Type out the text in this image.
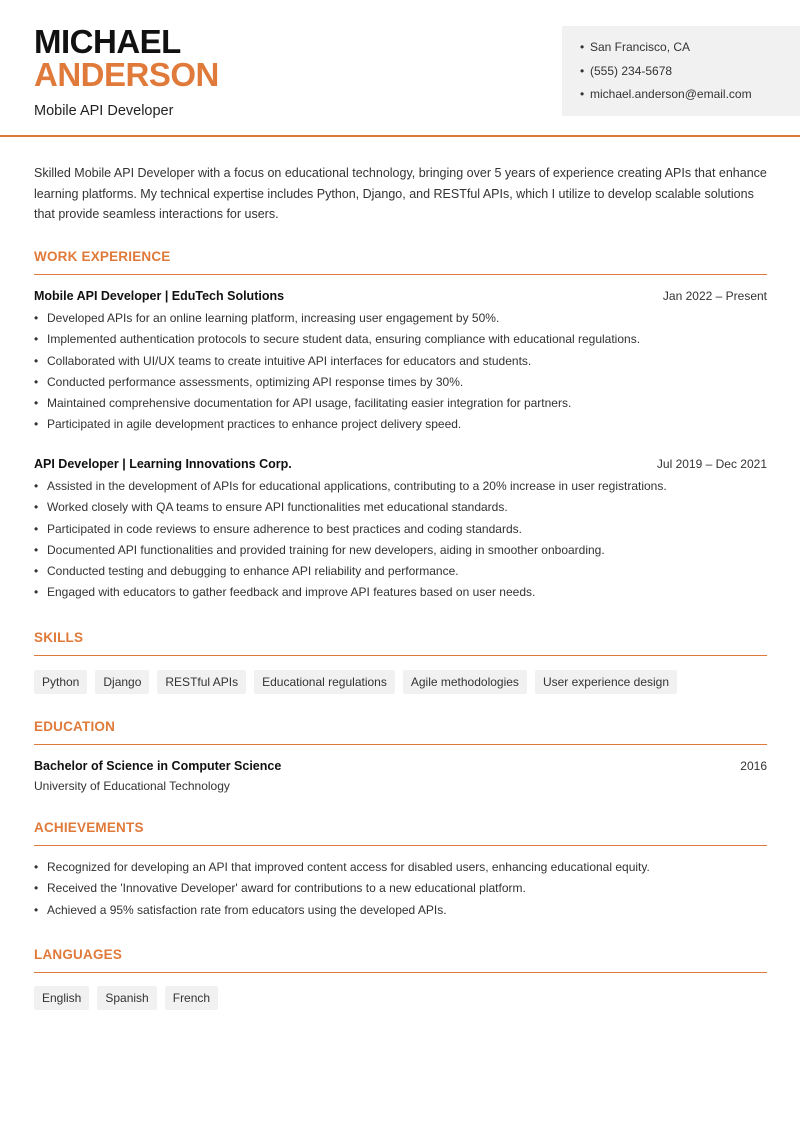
MICHAEL
ANDERSON
Mobile API Developer
• San Francisco, CA
• (555) 234-5678
• michael.anderson@email.com

Skilled Mobile API Developer with a focus on educational technology, bringing over 5 years of experience creating APIs that enhance learning platforms. My technical expertise includes Python, Django, and RESTful APIs, which I utilize to develop scalable solutions that provide seamless interactions for users.

WORK EXPERIENCE
Mobile API Developer | EduTech Solutions	Jan 2022 – Present
• Developed APIs for an online learning platform, increasing user engagement by 50%.
• Implemented authentication protocols to secure student data, ensuring compliance with educational regulations.
• Collaborated with UI/UX teams to create intuitive API interfaces for educators and students.
• Conducted performance assessments, optimizing API response times by 30%.
• Maintained comprehensive documentation for API usage, facilitating easier integration for partners.
• Participated in agile development practices to enhance project delivery speed.
API Developer | Learning Innovations Corp.	Jul 2019 – Dec 2021
• Assisted in the development of APIs for educational applications, contributing to a 20% increase in user registrations.
• Worked closely with QA teams to ensure API functionalities met educational standards.
• Participated in code reviews to ensure adherence to best practices and coding standards.
• Documented API functionalities and provided training for new developers, aiding in smoother onboarding.
• Conducted testing and debugging to enhance API reliability and performance.
• Engaged with educators to gather feedback and improve API features based on user needs.
SKILLS
Python	Django	RESTful APIs	Educational regulations	Agile methodologies	User experience design
EDUCATION
Bachelor of Science in Computer Science	2016
University of Educational Technology
ACHIEVEMENTS
• Recognized for developing an API that improved content access for disabled users, enhancing educational equity.
• Received the 'Innovative Developer' award for contributions to a new educational platform.
• Achieved a 95% satisfaction rate from educators using the developed APIs.
LANGUAGES
English	Spanish	French
